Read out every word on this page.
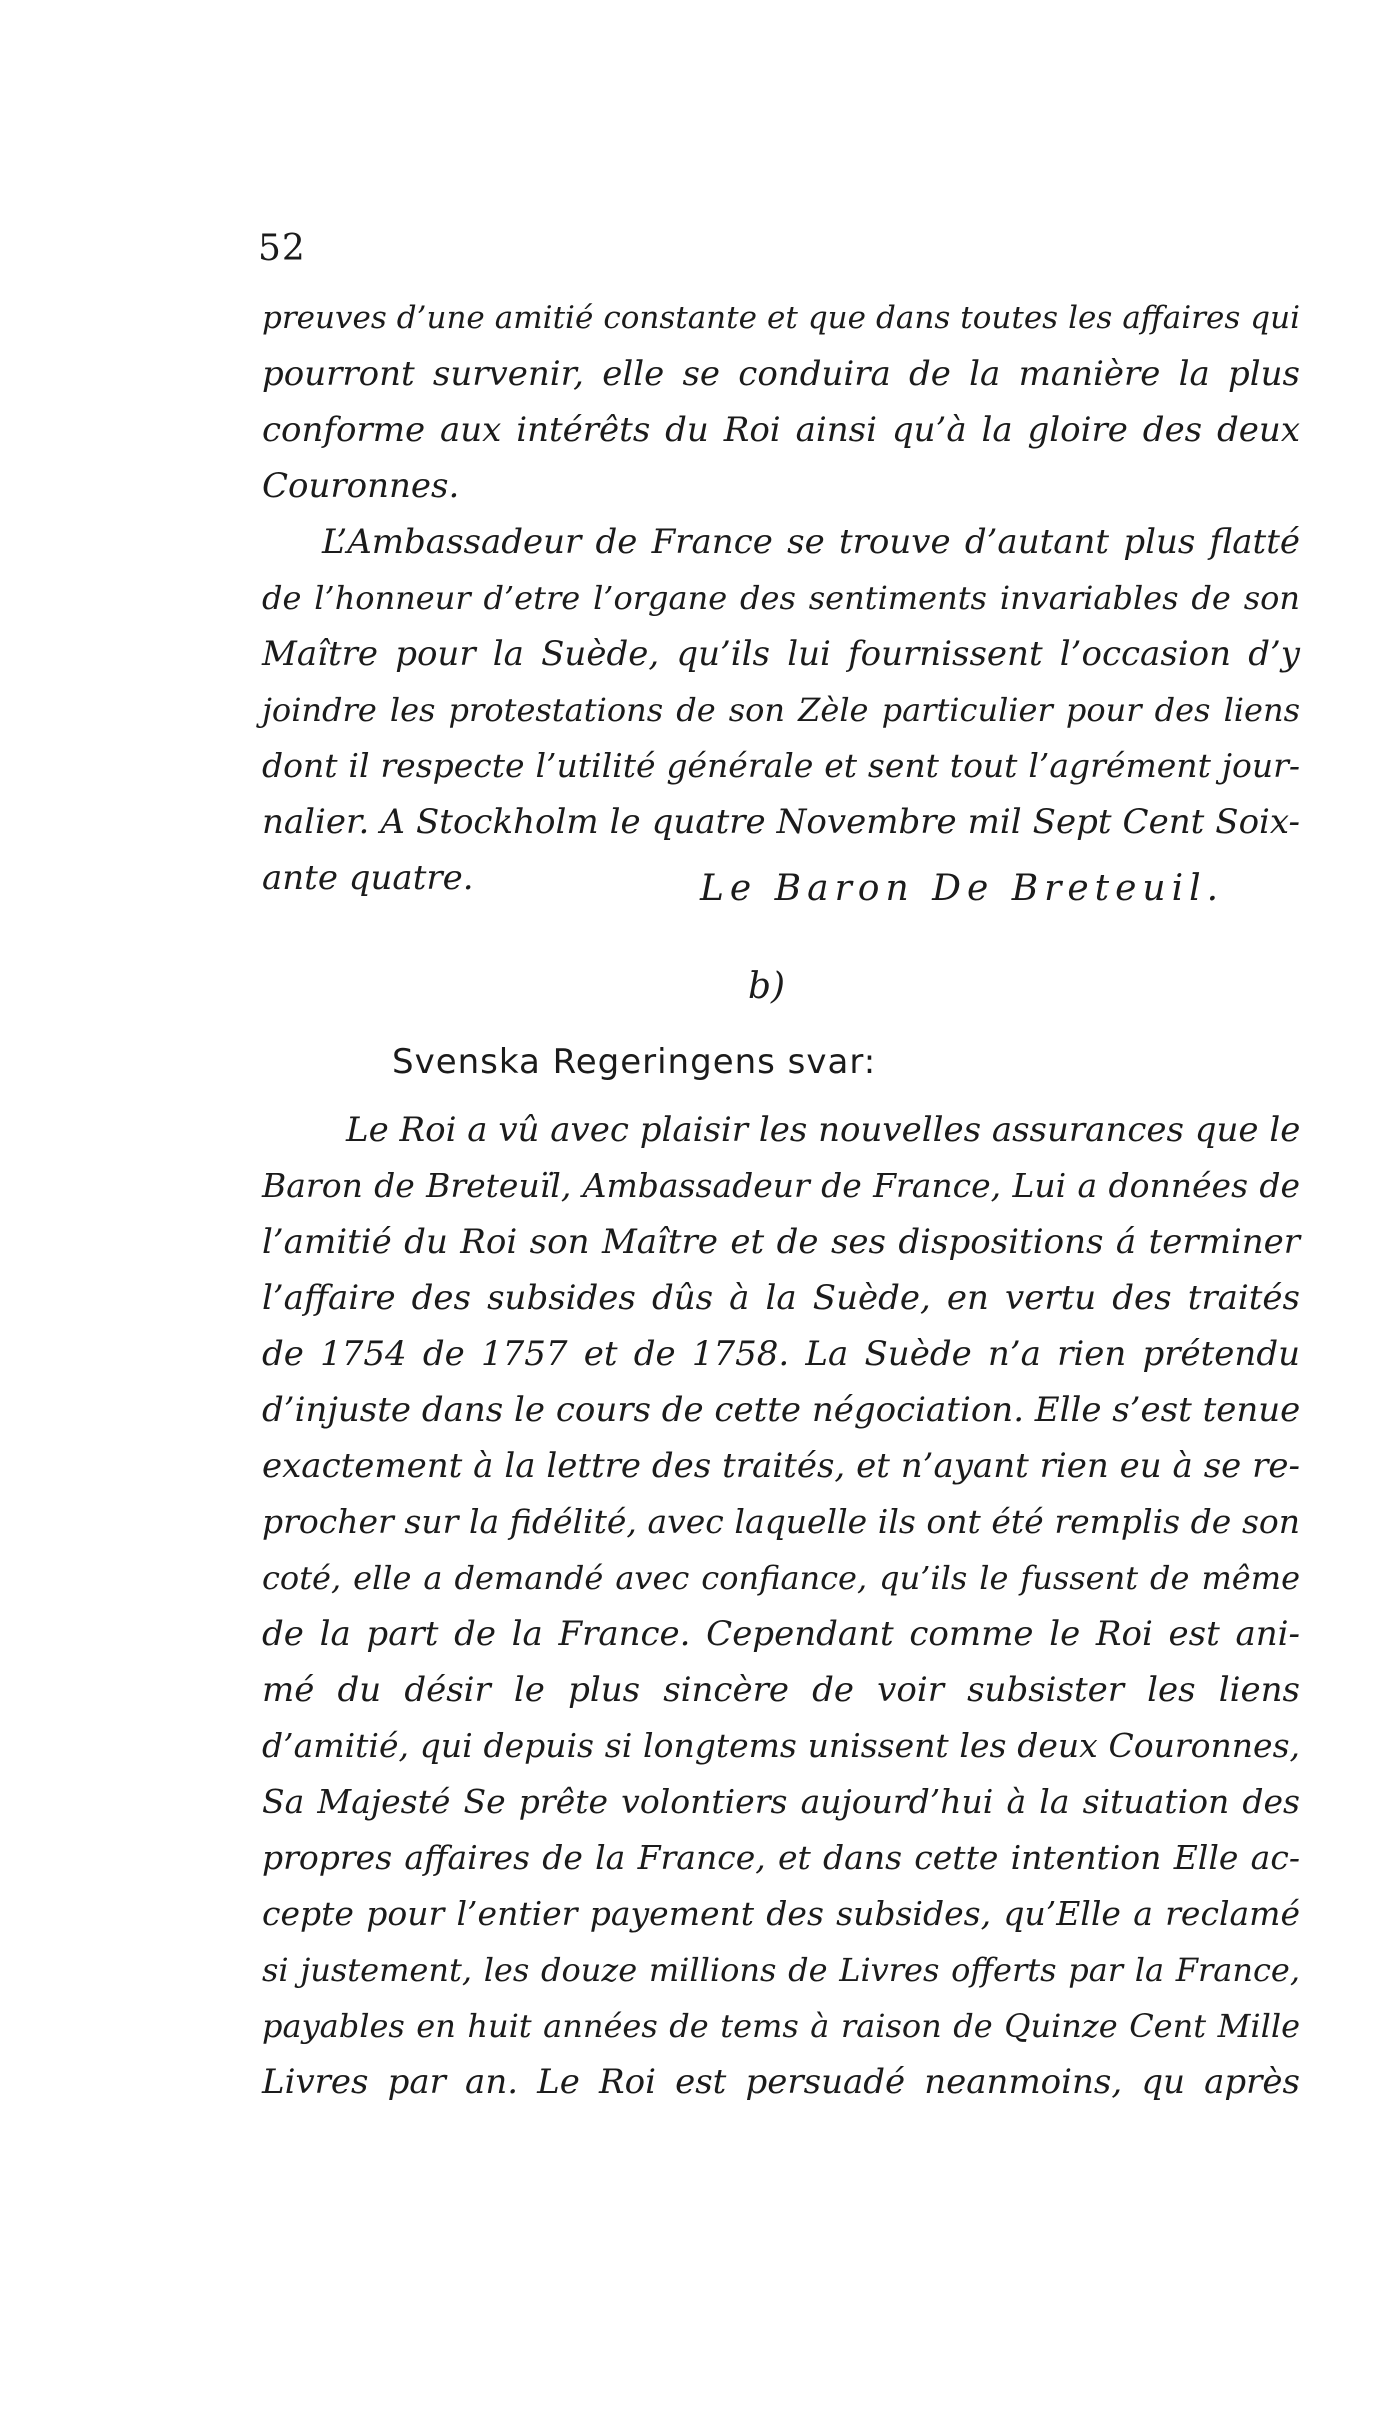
52
preuves d’une amitié constante et que dans toutes les affaires qui
pourront survenir, elle se conduira de la manière la plus
conforme aux intérêts du Roi ainsi qu’à la gloire des deux
Couronnes.
L’Ambassadeur de France se trouve d’autant plus flatté
de l’honneur d’etre l’organe des sentiments invariables de son
Maître pour la Suède, qu’ils lui fournissent l’occasion d’y
joindre les protestations de son Zèle particulier pour des liens
dont il respecte l’utilité générale et sent tout l’agrément jour-
nalier. A Stockholm le quatre Novembre mil Sept Cent Soix-
ante quatre.	Le Baron De Breteuil.
b)
Svenska Regeringens svar:
Le Roi a vû avec plaisir les nouvelles assurances que le
Baron de Breteuïl, Ambassadeur de France, Lui a données de
l’amitié du Roi son Maître et de ses dispositions á terminer
l’affaire des subsides dûs à la Suède, en vertu des traités
de 1754 de 1757 et de 1758. La Suède n’a rien prétendu
d’injuste dans le cours de cette négociation. Elle s’est tenue
exactement à la lettre des traités, et n’ayant rien eu à se re-
procher sur la fidélité, avec laquelle ils ont été remplis de son
coté, elle a demandé avec confiance, qu’ils le fussent de même
de la part de la France. Cependant comme le Roi est ani-
mé du désir le plus sincère de voir subsister les liens
d’amitié, qui depuis si longtems unissent les deux Couronnes,
Sa Majesté Se prête volontiers aujourd’hui à la situation des
propres affaires de la France, et dans cette intention Elle ac-
cepte pour l’entier payement des subsides, qu’Elle a reclamé
si justement, les douze millions de Livres offerts par la France,
payables en huit années de tems à raison de Quinze Cent Mille
Livres par an. Le Roi est persuadé neanmoins, qu après
